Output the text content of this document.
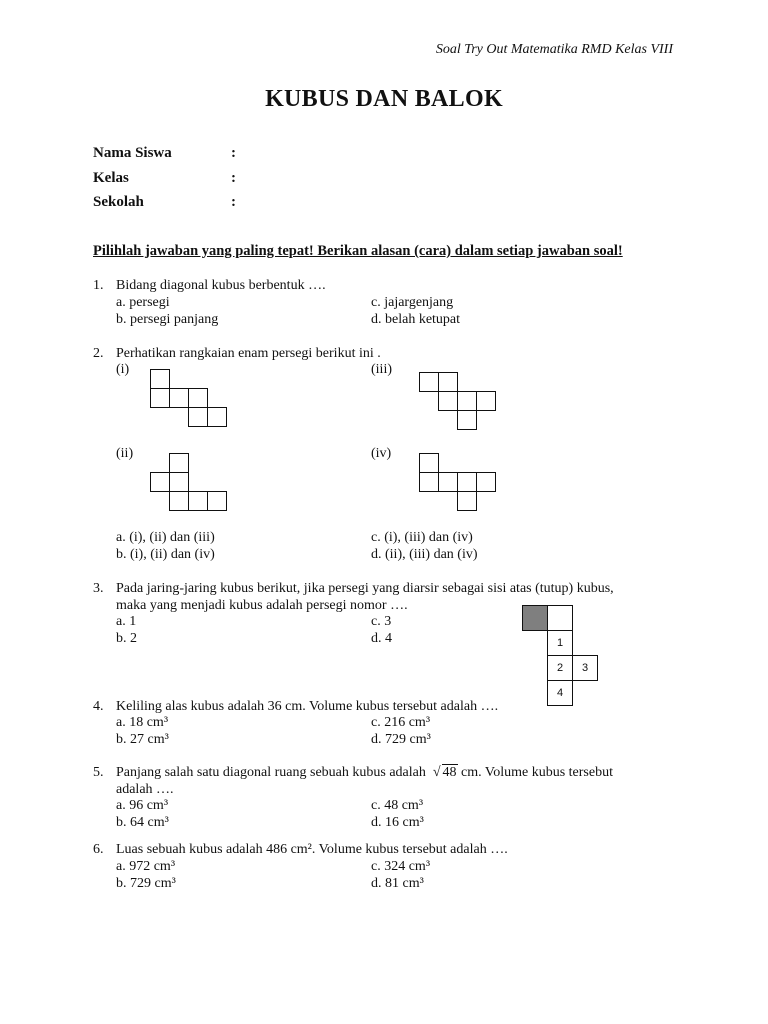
Soal Try Out Matematika RMD Kelas VIII
KUBUS DAN BALOK
Nama Siswa	:
Kelas	:
Sekolah	:
Pilihlah jawaban yang paling tepat! Berikan alasan (cara) dalam setiap jawaban soal!
1. Bidang diagonal kubus berbentuk ….
a. persegi	c. jajargenjang
b. persegi panjang	d. belah ketupat
2. Perhatikan rangkaian enam persegi berikut ini .
(i)	(iii)
(ii)	(iv)
a. (i), (ii) dan (iii)	c. (i), (iii) dan (iv)
b. (i), (ii) dan (iv)	d. (ii), (iii) dan (iv)
3. Pada jaring-jaring kubus berikut, jika persegi yang diarsir sebagai sisi atas (tutup) kubus,
maka yang menjadi kubus adalah persegi nomor ….
a. 1	c. 3
b. 2	d. 4	1
2	3
4
4. Keliling alas kubus adalah 36 cm. Volume kubus tersebut adalah ….
a. 18 cm³	c. 216 cm³
b. 27 cm³	d. 729 cm³
5. Panjang salah satu diagonal ruang sebuah kubus adalah  √ 48 cm. Volume kubus tersebut
adalah ….
a. 96 cm³	c. 48 cm³
b. 64 cm³	d. 16 cm³
6. Luas sebuah kubus adalah 486 cm². Volume kubus tersebut adalah ….
a. 972 cm³	c. 324 cm³
b. 729 cm³	d. 81 cm³
